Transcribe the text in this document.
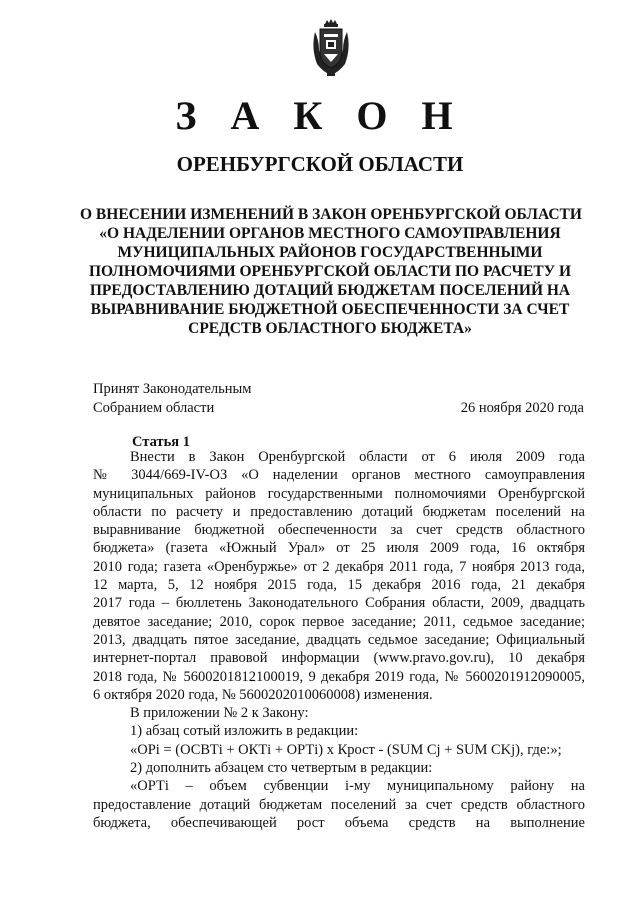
З А К О Н
ОРЕНБУРГСКОЙ ОБЛАСТИ
О ВНЕСЕНИИ ИЗМЕНЕНИЙ В ЗАКОН ОРЕНБУРГСКОЙ ОБЛАСТИ
«О НАДЕЛЕНИИ ОРГАНОВ МЕСТНОГО САМОУПРАВЛЕНИЯ
МУНИЦИПАЛЬНЫХ РАЙОНОВ ГОСУДАРСТВЕННЫМИ
ПОЛНОМОЧИЯМИ ОРЕНБУРГСКОЙ ОБЛАСТИ ПО РАСЧЕТУ И
ПРЕДОСТАВЛЕНИЮ ДОТАЦИЙ БЮДЖЕТАМ ПОСЕЛЕНИЙ НА
ВЫРАВНИВАНИЕ БЮДЖЕТНОЙ ОБЕСПЕЧЕННОСТИ ЗА СЧЕТ
СРЕДСТВ ОБЛАСТНОГО БЮДЖЕТА»
Принят Законодательным
Собранием области	26 ноября 2020 года
Статья 1
Внести в Закон Оренбургской области от 6 июля 2009 года
№ 3044/669-IV-ОЗ «О наделении органов местного самоуправления
муниципальных районов государственными полномочиями Оренбургской
области по расчету и предоставлению дотаций бюджетам поселений на
выравнивание бюджетной обеспеченности за счет средств областного
бюджета» (газета «Южный Урал» от 25 июля 2009 года, 16 октября
2010 года; газета «Оренбуржье» от 2 декабря 2011 года, 7 ноября 2013 года,
12 марта, 5, 12 ноября 2015 года, 15 декабря 2016 года, 21 декабря
2017 года – бюллетень Законодательного Собрания области, 2009, двадцать
девятое заседание; 2010, сорок первое заседание; 2011, седьмое заседание;
2013, двадцать пятое заседание, двадцать седьмое заседание; Официальный
интернет-портал правовой информации (www.pravo.gov.ru), 10 декабря
2018 года, № 5600201812100019, 9 декабря 2019 года, № 5600201912090005,
6 октября 2020 года, № 5600202010060008) изменения.
В приложении № 2 к Закону:
1) абзац сотый изложить в редакции:
«ОРi = (ОСВТi + ОКТi + ОРТi) х Крост - (SUM Cj + SUM CKj), где:»;
2) дополнить абзацем сто четвертым в редакции:
«ОРТi – объем субвенции i-му муниципальному району на
предоставление дотаций бюджетам поселений за счет средств областного
бюджета, обеспечивающей рост объема средств на выполнение
